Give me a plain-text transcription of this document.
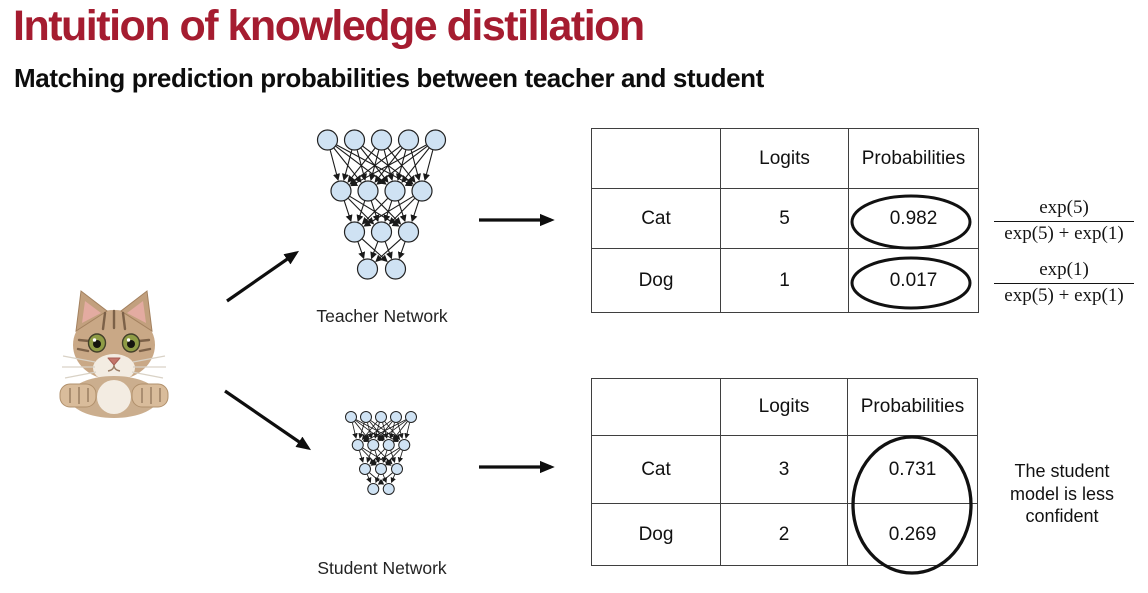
Intuition of knowledge distillation
Matching prediction probabilities between teacher and student
	Logits	Probabilities
Cat	5	0.982
Dog	1	0.017
	Logits	Probabilities
Cat	3	0.731
Dog	2	0.269
$\frac{\exp(5)}{\exp(5) + \exp(1)}$
$\frac{\exp(1)}{\exp(5) + \exp(1)}$
The student model is less confident
Teacher Network
Student Network
